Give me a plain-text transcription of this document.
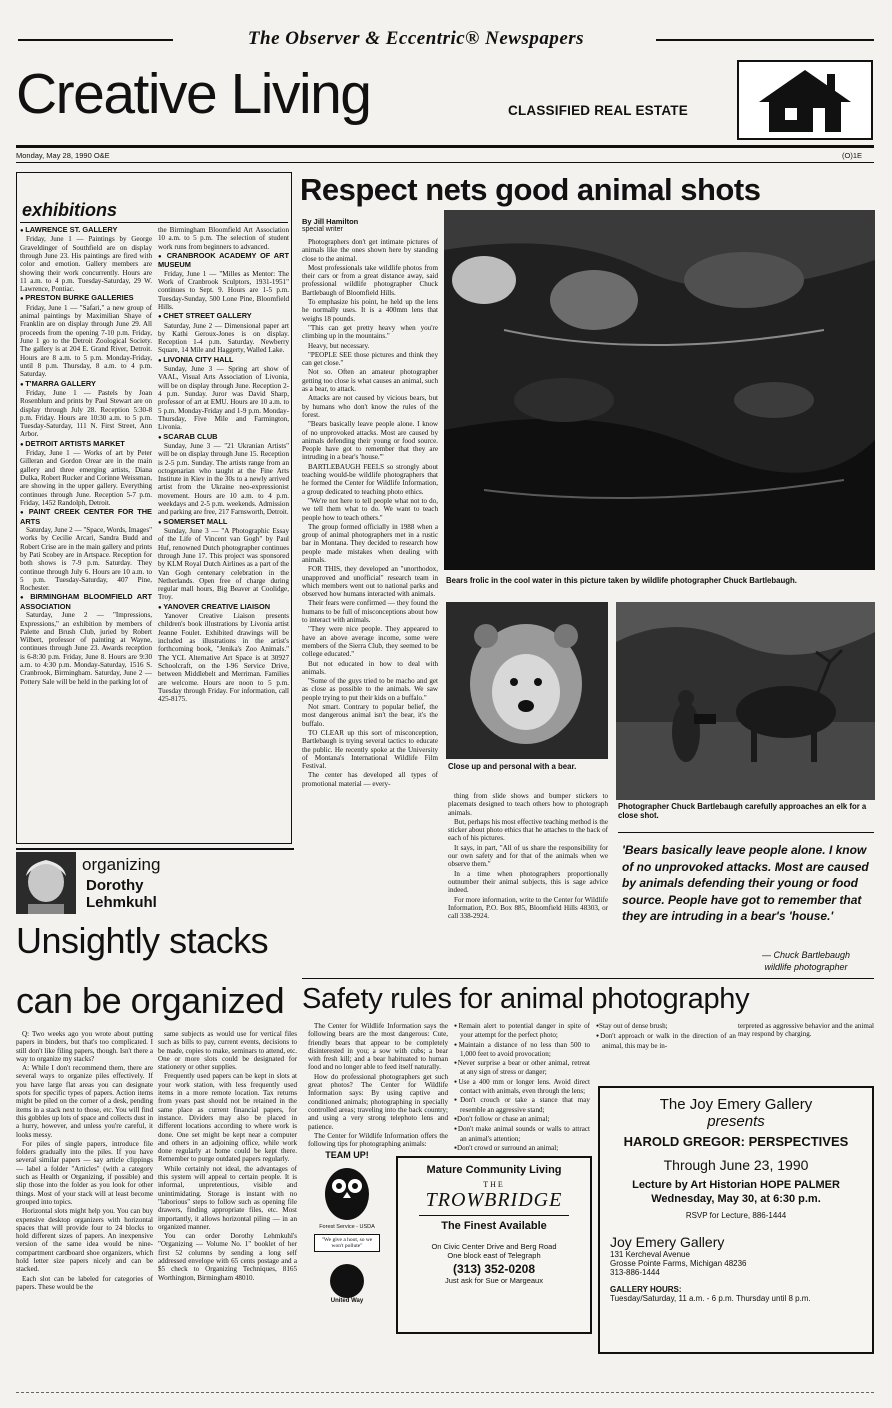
The Observer & Eccentric® Newspapers
Creative Living	CLASSIFIED REAL ESTATE
Monday, May 28, 1990 O&E	(O)1E
exhibitions
● LAWRENCE ST. GALLERY
Friday, June 1 — Paintings by George Graveldinger of Southfield are on display through June 23. His paintings are fired with color and emotion. Gallery members are showing their work concurrently. Hours are 11 a.m. to 4 p.m. Tuesday-Saturday, 29 W. Lawrence, Pontiac.
● PRESTON BURKE GALLERIES
Friday, June 1 — "Safari," a new group of animal paintings by Maximilian Shaye of Franklin are on display through June 29. All proceeds from the opening 7-10 p.m. Friday, June 1 go to the Detroit Zoological Society. The gallery is at 204 E. Grand River, Detroit. Hours are 8 a.m. to 5 p.m. Monday-Friday, until 8 p.m. Thursday, 8 a.m. to 4 p.m. Saturday.
● T'MARRA GALLERY
Friday, June 1 — Pastels by Joan Rosenblum and prints by Paul Stewart are on display through July 28. Reception 5:30-8 p.m. Friday. Hours are 10:30 a.m. to 5 p.m. Tuesday-Saturday, 111 N. First Street, Ann Arbor.
● DETROIT ARTISTS MARKET
Friday, June 1 — Works of art by Peter Gilleran and Gordon Orear are in the main gallery and three emerging artists, Diana Dulka, Robert Rucker and Corinne Weissman, are showing in the upper gallery. Everything continues through June. Reception 5-7 p.m. Friday, 1452 Randolph, Detroit.
● PAINT CREEK CENTER FOR THE ARTS
Saturday, June 2 — "Space, Words, Images" works by Cecilie Arcari, Sandra Budd and Robert Crise are in the main gallery and prints by Pati Scobey are in Artspace. Reception for both shows is 7-9 p.m. Saturday. They continue through July 6. Hours are 10 a.m. to 5 p.m. Tuesday-Saturday, 407 Pine, Rochester.
● BIRMINGHAM BLOOMFIELD ART ASSOCIATION
Saturday, June 2 — "Impressions, Expressions," an exhibition by members of Palette and Brush Club, juried by Robert Wilbert, professor of painting at Wayne, continues through June 23. Awards reception is 6-8:30 p.m. Friday, June 8. Hours are 9:30 a.m. to 4:30 p.m. Monday-Saturday, 1516 S. Cranbrook, Birmingham. Saturday, June 2 — Pottery Sale will be held in the parking lot of
the Birmingham Bloomfield Art Association 10 a.m. to 5 p.m. The selection of student work runs from beginners to advanced.
● CRANBROOK ACADEMY OF ART MUSEUM
Friday, June 1 — "Milles as Mentor: The Work of Cranbrook Sculptors, 1931-1951" continues to Sept. 9. Hours are 1-5 p.m. Tuesday-Sunday, 500 Lone Pine, Bloomfield Hills.
● CHET STREET GALLERY
Saturday, June 2 — Dimensional paper art by Kathi Geroux-Jones is on display. Reception 1-4 p.m. Saturday. Newberry Square, 14 Mile and Haggerty, Walled Lake.
● LIVONIA CITY HALL
Sunday, June 3 — Spring art show of VAAL, Visual Arts Association of Livonia, will be on display through June. Reception 2-4 p.m. Sunday. Juror was David Sharp, professor of art at EMU. Hours are 10 a.m. to 5 p.m. Monday-Friday and 1-9 p.m. Monday-Thursday, Five Mile and Farmington, Livonia.
● SCARAB CLUB
Sunday, June 3 — "21 Ukranian Artists" will be on display through June 15. Reception is 2-5 p.m. Sunday. The artists range from an octogenarian who taught at the Fine Arts Institute in Kiev in the 30s to a newly arrived artist from the Ukraine neo-expressionist movement. Hours are 10 a.m. to 4 p.m. weekdays and 2-5 p.m. weekends. Admission and parking are free, 217 Farnsworth, Detroit.
● SOMERSET MALL
Sunday, June 3 — "A Photographic Essay of the Life of Vincent van Gogh" by Paul Huf, renowned Dutch photographer continues through June 17. This project was sponsored by KLM Royal Dutch Airlines as a part of the Van Gogh centenary celebration in the Netherlands. Open free of charge during regular mall hours, Big Beaver at Coolidge, Troy.
● YANOVER CREATIVE LIAISON
Yanover Creative Liaison presents children's book illustrations by Livonia artist Jeanne Foulet. Exhibited drawings will be included as illustrations in the artist's forthcoming book, "Jenika's Zoo Animals." The YCL Alternative Art Space is at 30927 Schoolcraft, on the I-96 Service Drive, between Middlebelt and Merriman. Families are welcome. Hours are noon to 5 p.m. Tuesday through Friday. For information, call 425-8175.
Respect nets good animal shots
By Jill Hamilton
special writer

Photographers don't get intimate pictures of animals like the ones shown here by standing close to the animal.

Most professionals take wildlife photos from their cars or from a great distance away, said professional wildlife photographer Chuck Bartlebaugh of Bloomfield Hills.

To emphasize his point, he held up the lens he normally uses. It is a 400mm lens that weighs 18 pounds.

"This can get pretty heavy when you're climbing up in the mountains."

Heavy, but necessary.

"PEOPLE SEE those pictures and think they can get close."

Not so. Often an amateur photographer getting too close is what causes an animal, such as a bear, to attack.

Attacks are not caused by vicious bears, but by humans who don't know the rules of the forest.

"Bears basically leave people alone. I know of no unprovoked attacks. Most are caused by animals defending their young or food source. People have got to remember that they are intruding in a bear's 'house.'"

BARTLEBAUGH FEELS so strongly about teaching would-be wildlife photographers that he formed the Center for Wildlife Information, a group dedicated to teaching photo ethics.

"We're not here to tell people what not to do, we tell them what to do. We want to teach people how to teach others."

The group formed officially in 1988 when a group of animal photographers met in a rustic bar in Montana. They decided to research how people made mistakes when dealing with animals.

FOR THIS, they developed an "unorthodox, unapproved and unofficial" research team in which members went out to national parks and observed how humans interacted with animals.

Their fears were confirmed — they found the humans to be full of misconceptions about how to interact with animals.

"They were nice people. They appeared to have an above average income, some were members of the Sierra Club, they seemed to be college educated."

But not educated in how to deal with animals.

"Some of the guys tried to be macho and get as close as possible to the animals. We saw people trying to put their kids on a buffalo."

Not smart. Contrary to popular belief, the most dangerous animal isn't the bear, it's the buffalo.

TO CLEAR up this sort of misconception, Bartlebaugh is trying several tactics to educate the public. He recently spoke at the University of Montana's International Wildlife Film Festival.

The center has developed all types of promotional material — every-

Bears frolic in the cool water in this picture taken by wildlife photographer Chuck Bartlebaugh.
Close up and personal with a bear.

thing from slide shows and bumper stickers to placemats designed to teach others how to photograph animals.

But, perhaps his most effective teaching method is the sticker about photo ethics that he attaches to the back of each of his pictures.

It says, in part, "All of us share the responsibility for our own safety and for that of the animals when we observe them."

In a time when photographers proportionally outnumber their animal subjects, this is sage advice indeed.

For more information, write to the Center for Wildlife Information, P.O. Box 885, Bloomfield Hills 48303, or call 338-2924.

Photographer Chuck Bartlebaugh carefully approaches an elk for a close shot.
'Bears basically leave people alone. I know of no unprovoked attacks. Most are caused by animals defending their young or food source. People have got to remember that they are intruding in a bear's 'house.'
— Chuck Bartlebaugh
wildlife photographer
organizing
Dorothy
Lehmkuhl
Unsightly stacks
can be organized

Q: Two weeks ago you wrote about putting papers in binders, but that's too complicated. I still don't like filing papers, though. Isn't there a way to organize my stacks?

A: While I don't recommend them, there are several ways to organize piles effectively. If you have large flat areas you can designate spots for specific types of papers. Action items might be piled on the corner of a desk, pending items in a stack next to those, etc. You will find this gobbles up lots of space and collects dust in a hurry, however, and unless you're careful, it looks messy.

For piles of single papers, introduce file folders gradually into the piles. If you have several similar papers — say article clippings — label a folder "Articles" (with a category such as Health or Organizing, if possible) and slip those into the folder as you look for other things. Most of your stack will at least become grouped into topics.

Horizontal slots might help you. You can buy expensive desktop organizers with horizontal spaces that will provide four to 24 blocks to hold different sizes of papers. An inexpensive version of the same idea would be nine-compartment cardboard shoe organizers, which hold letter size papers nicely and can be stacked.

Each slot can be labeled for categories of papers. These would be the

same subjects as would use for vertical files such as bills to pay, current events, decisions to be made, copies to make, seminars to attend, etc. One or more slots could be designated for stationery or other supplies.

Frequently used papers can be kept in slots at your work station, with less frequently used items in a more remote location. Tax returns from years past should not be retained in the same place as current financial papers, for instance. Dividers may also be placed in different locations according to where work is done. One set might be kept near a computer and others in an adjoining office, while work done regularly at home could be kept there. Remember to purge outdated papers regularly.

While certainly not ideal, the advantages of this system will appeal to certain people. It is informal, unpretentious, visible and unintimidating. Storage is instant with no "laborious" steps to follow such as opening file drawers, finding appropriate files, etc. Most importantly, it allows horizontal piling — in an organized manner.

You can order Dorothy Lehmkuhl's "Organizing — Volume No. 1" booklet of her first 52 columns by sending a long self addressed envelope with 65 cents postage and a $5 check to Organizing Techniques, 8165 Worthington, Birmingham 48010.

Safety rules for animal photography

The Center for Wildlife Information says the following bears are the most dangerous: Cute, friendly bears that appear to be completely disinterested in you; a sow with cubs; a bear with fresh kill; and a bear habituated to human food and no longer able to feed itself naturally.

How do professional photographers get such great photos? The Center for Wildlife Information says: By using captive and conditioned animals; photographing in specially controlled areas; traveling into the back country; and using a very strong telephoto lens and patience.

The Center for Wildlife Information offers the following tips for photographing animals:

● Remain alert to potential danger in spite of your attempt for the perfect photo;
● Maintain a distance of no less than 500 to 1,000 feet to avoid provocation;
● Never surprise a bear or other animal, retreat at any sign of stress or danger;
● Use a 400 mm or longer lens. Avoid direct contact with animals, even through the lens;
● Don't crouch or take a stance that may resemble an aggressive stand;
● Don't follow or chase an animal;
● Don't make animal sounds or walls to attract an animal's attention;
● Don't crowd or surround an animal;
● Stay out of dense brush;
● Don't approach or walk in the direction of an animal, this may be in-
terpreted as aggressive behavior and the animal may respond by charging.
TEAM UP!
Forest Service - USDA
"We give a hoot, so we won't pollute"
United Way
Mature Community Living
THE
TROWBRIDGE
The Finest Available
On Civic Center Drive and Berg Road
One block east of Telegraph
(313) 352-0208
Just ask for Sue or Margeaux
The Joy Emery Gallery
presents
HAROLD GREGOR: PERSPECTIVES
Through June 23, 1990
Lecture by Art Historian HOPE PALMER
Wednesday, May 30, at 6:30 p.m.
RSVP for Lecture, 886-1444
Joy Emery Gallery
131 Kercheval Avenue
Grosse Pointe Farms, Michigan 48236
313-886-1444
GALLERY HOURS:
Tuesday/Saturday, 11 a.m. - 6 p.m. Thursday until 8 p.m.
